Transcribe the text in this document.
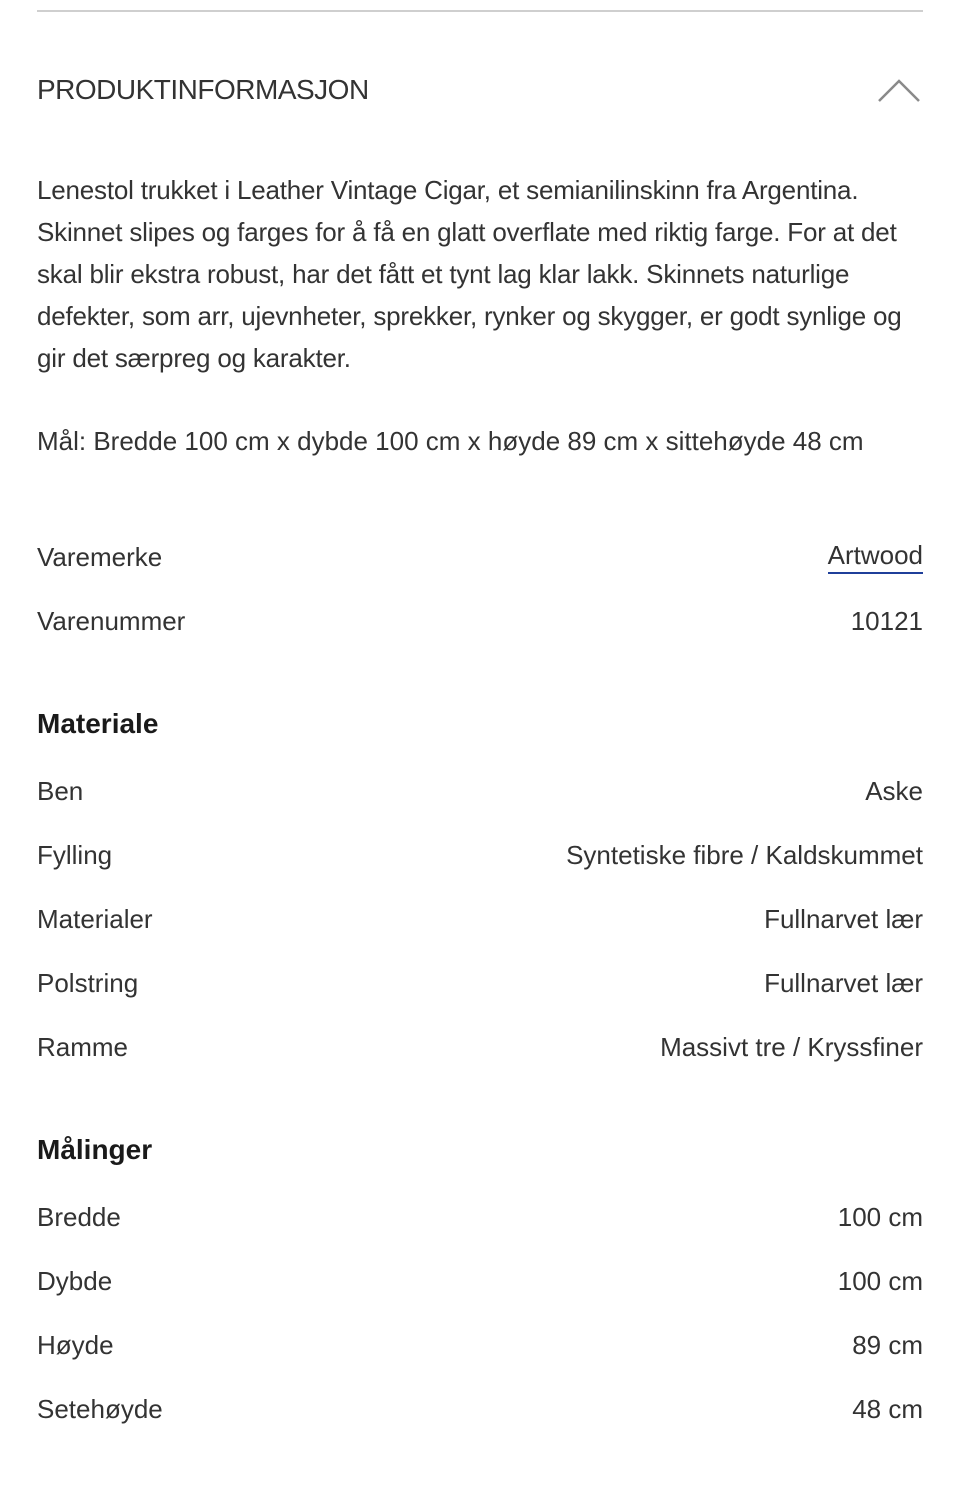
PRODUKTINFORMASJON
Lenestol trukket i Leather Vintage Cigar, et semianilinskinn fra Argentina. Skinnet slipes og farges for å få en glatt overflate med riktig farge. For at det skal blir ekstra robust, har det fått et tynt lag klar lakk. Skinnets naturlige defekter, som arr, ujevnheter, sprekker, rynker og skygger, er godt synlige og gir det særpreg og karakter.
Mål: Bredde 100 cm x dybde 100 cm x høyde 89 cm x sittehøyde 48 cm
Varemerke	Artwood
Varenummer	10121
Materiale
Ben	Aske
Fylling	Syntetiske fibre / Kaldskummet
Materialer	Fullnarvet lær
Polstring	Fullnarvet lær
Ramme	Massivt tre / Kryssfiner
Målinger
Bredde	100 cm
Dybde	100 cm
Høyde	89 cm
Setehøyde	48 cm
